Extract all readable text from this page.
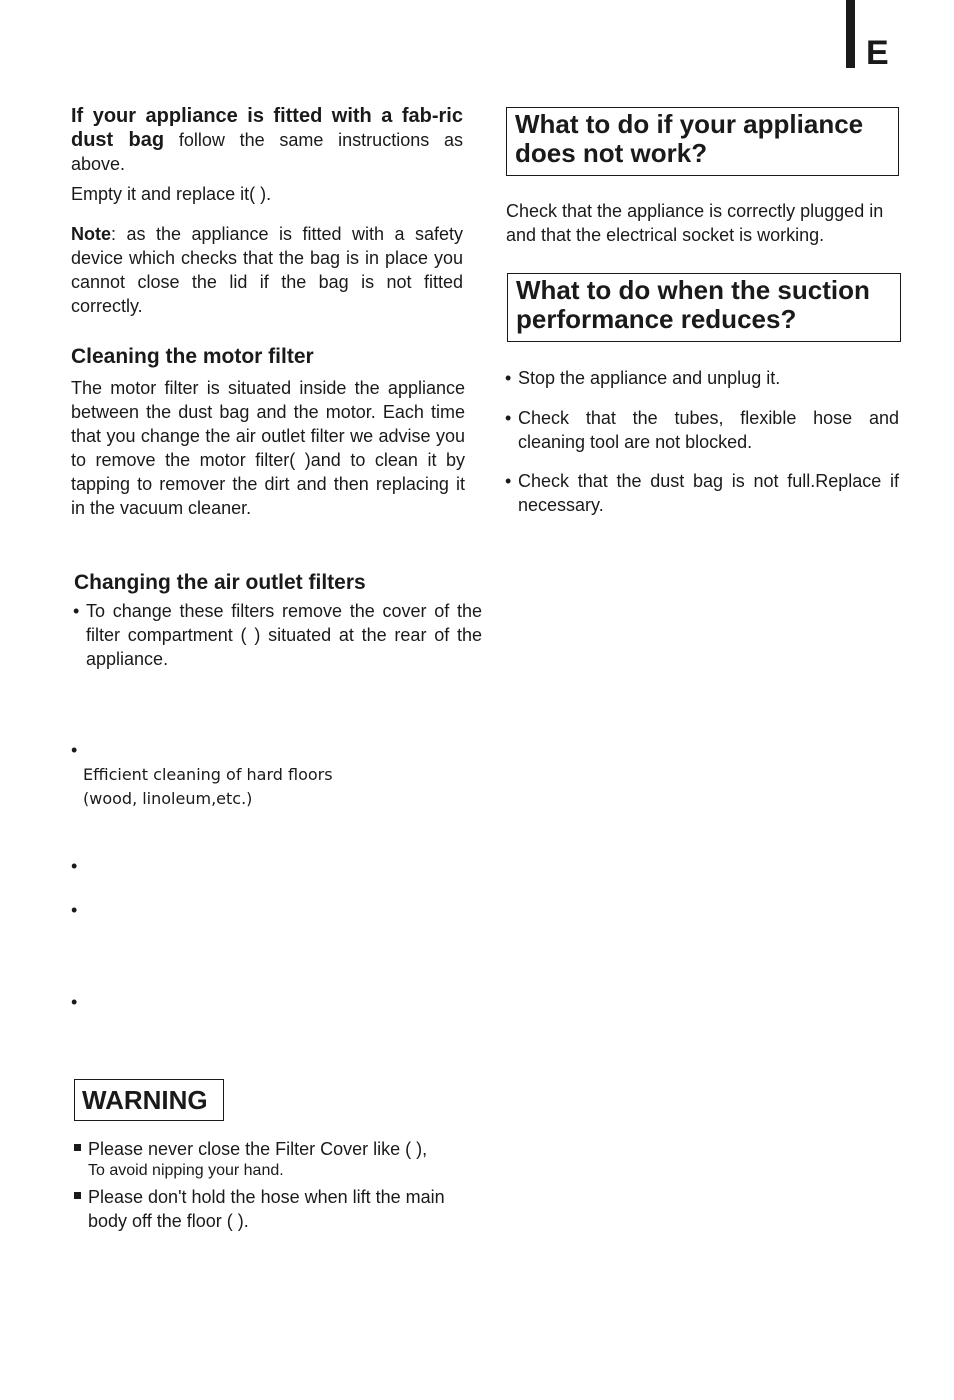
E
If your appliance is fitted with a fab-ric dust bag follow the same instructions as above.
Empty it and replace it( ).
Note: as the appliance is fitted with a safety device which checks that the bag is in place you cannot close the lid if the bag is not fitted correctly.
Cleaning the motor filter
The motor filter is situated inside the appliance between the dust bag and the motor. Each time that you change the air outlet filter we advise you to remove the motor filter( )and to clean it by tapping to remover the dirt and then replacing it in the vacuum cleaner.
Changing the air outlet filters
• To change these filters remove the cover of the filter compartment ( ) situated at the rear of the appliance.
•
Efficient cleaning of hard floors
(wood, linoleum,etc.)
•
•
•
WARNING
Please never close the Filter Cover like ( ),
To avoid nipping your hand.
Please don't hold the hose when lift the main body off the floor ( ).
What to do if your appliance does not work?
Check that the appliance is correctly plugged in and that the electrical socket is working.
What to do when the suction performance reduces?
• Stop the appliance and unplug it.
• Check that the tubes, flexible hose and cleaning tool are not blocked.
• Check that the dust bag is not full.Replace if necessary.
